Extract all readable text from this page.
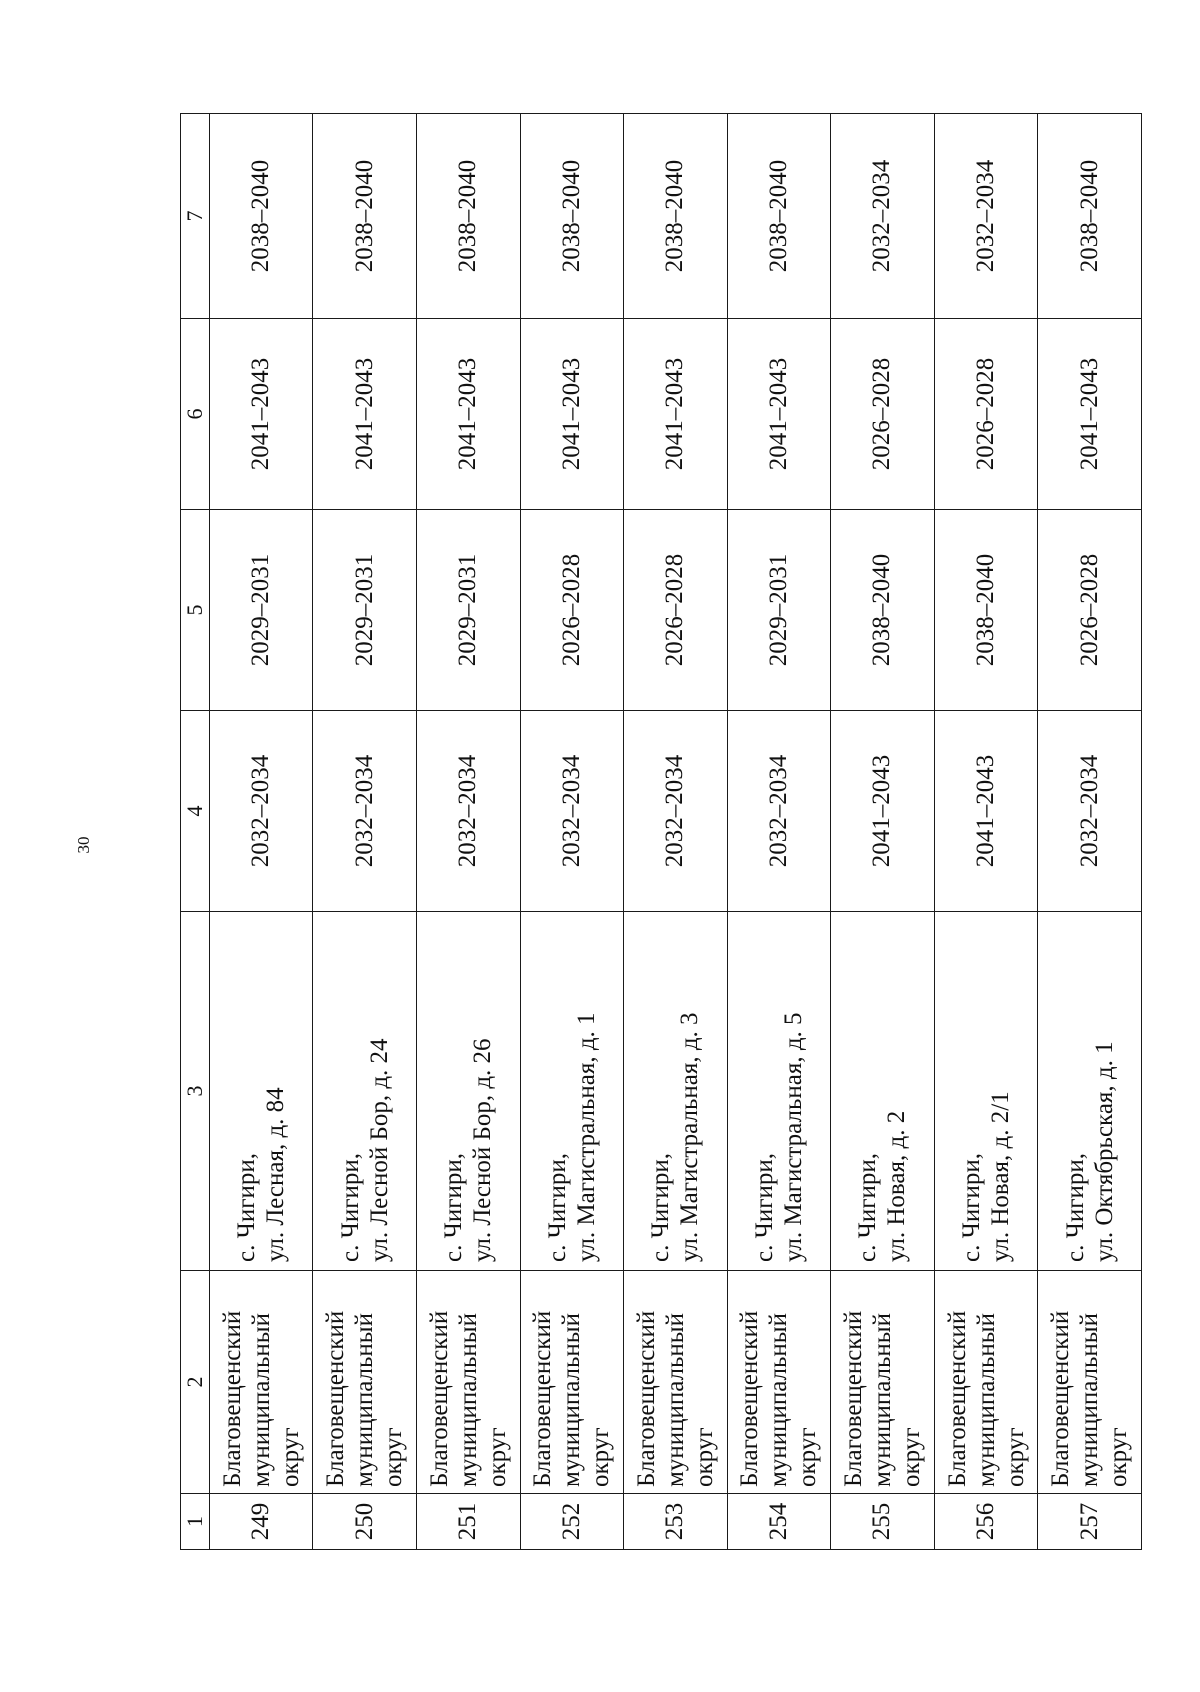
30
1	2	3	4	5	6	7
249	Благовещенский муниципальный округ	с. Чигири, ул. Лесная, д. 84	2032–2034	2029–2031	2041–2043	2038–2040
250	Благовещенский муниципальный округ	с. Чигири, ул. Лесной Бор, д. 24	2032–2034	2029–2031	2041–2043	2038–2040
251	Благовещенский муниципальный округ	с. Чигири, ул. Лесной Бор, д. 26	2032–2034	2029–2031	2041–2043	2038–2040
252	Благовещенский муниципальный округ	с. Чигири, ул. Магистральная, д. 1	2032–2034	2026–2028	2041–2043	2038–2040
253	Благовещенский муниципальный округ	с. Чигири, ул. Магистральная, д. 3	2032–2034	2026–2028	2041–2043	2038–2040
254	Благовещенский муниципальный округ	с. Чигири, ул. Магистральная, д. 5	2032–2034	2029–2031	2041–2043	2038–2040
255	Благовещенский муниципальный округ	с. Чигири, ул. Новая, д. 2	2041–2043	2038–2040	2026–2028	2032–2034
256	Благовещенский муниципальный округ	с. Чигири, ул. Новая, д. 2/1	2041–2043	2038–2040	2026–2028	2032–2034
257	Благовещенский муниципальный округ	с. Чигири, ул. Октябрьская, д. 1	2032–2034	2026–2028	2041–2043	2038–2040
